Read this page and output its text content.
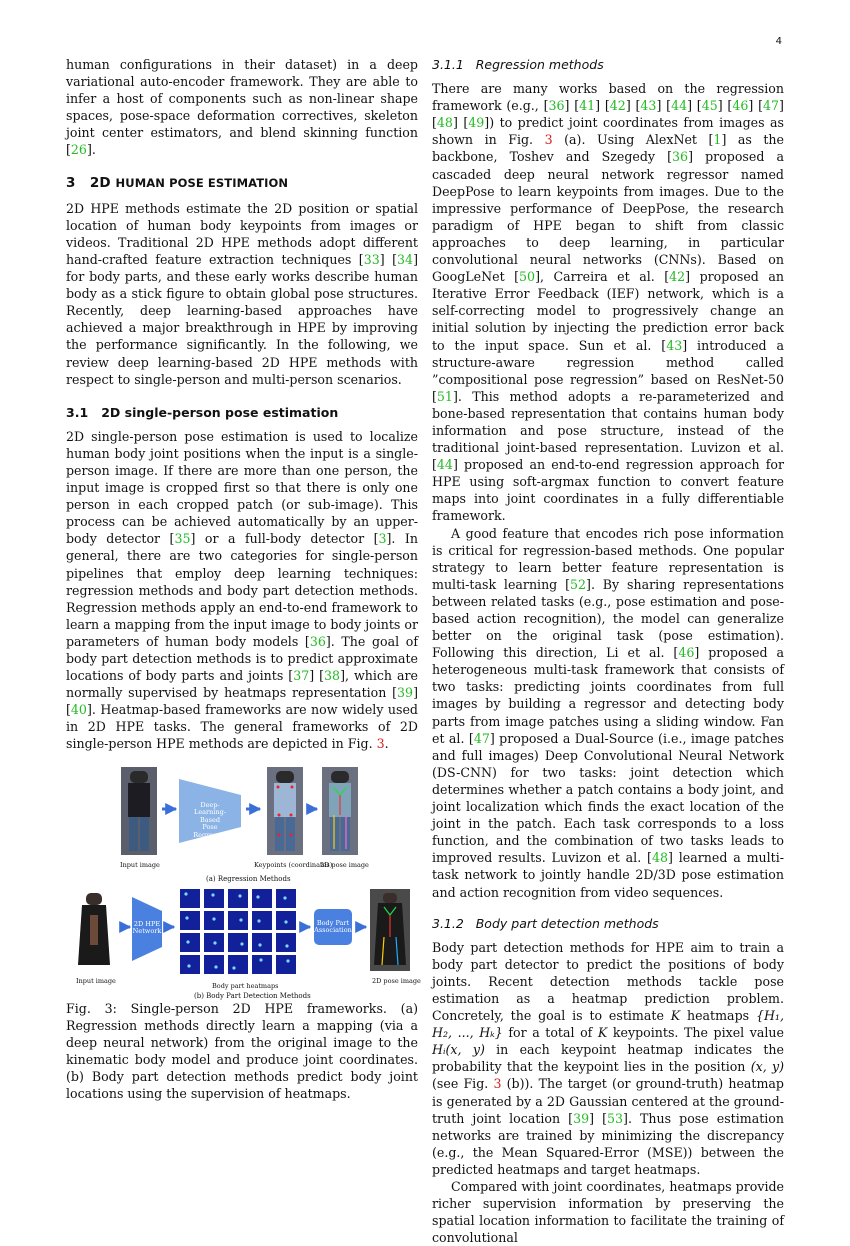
4

human configurations in their dataset) in a deep variational auto-encoder framework. They are able to infer a host of components such as non-linear shape spaces, pose-space deformation correctives, skeleton joint center estimators, and blend skinning function [26].

3 2D HUMAN POSE ESTIMATION

2D HPE methods estimate the 2D position or spatial location of human body keypoints from images or videos. Traditional 2D HPE methods adopt different hand-crafted feature extraction techniques [33] [34] for body parts, and these early works describe human body as a stick figure to obtain global pose structures. Recently, deep learning-based approaches have achieved a major breakthrough in HPE by improving the performance significantly. In the following, we review deep learning-based 2D HPE methods with respect to single-person and multi-person scenarios.

3.1 2D single-person pose estimation

2D single-person pose estimation is used to localize human body joint positions when the input is a single-person image. If there are more than one person, the input image is cropped first so that there is only one person in each cropped patch (or sub-image). This process can be achieved automatically by an upper-body detector [35] or a full-body detector [3]. In general, there are two categories for single-person pipelines that employ deep learning techniques: regression methods and body part detection methods. Regression methods apply an end-to-end framework to learn a mapping from the input image to body joints or parameters of human body models [36]. The goal of body part detection methods is to predict approximate locations of body parts and joints [37] [38], which are normally supervised by heatmaps representation [39] [40]. Heatmap-based frameworks are now widely used in 2D HPE tasks. The general frameworks of 2D single-person HPE methods are depicted in Fig. 3.

Deep-Learning-Based
Pose Regressor
Input image	Keypoints (coordinates)
2D pose image
(a) Regression Methods
2D HPE
Network
Body Part
Association
Input image
Body part heatmaps
2D pose image
(b) Body Part Detection Methods

Fig. 3: Single-person 2D HPE frameworks. (a) Regression methods directly learn a mapping (via a deep neural network) from the original image to the kinematic body model and produce joint coordinates. (b) Body part detection methods predict body joint locations using the supervision of heatmaps.

3.1.1 Regression methods

There are many works based on the regression framework (e.g., [36] [41] [42] [43] [44] [45] [46] [47] [48] [49]) to predict joint coordinates from images as shown in Fig. 3 (a). Using AlexNet [1] as the backbone, Toshev and Szegedy [36] proposed a cascaded deep neural network regressor named DeepPose to learn keypoints from images. Due to the impressive performance of DeepPose, the research paradigm of HPE began to shift from classic approaches to deep learning, in particular convolutional neural networks (CNNs). Based on GoogLeNet [50], Carreira et al. [42] proposed an Iterative Error Feedback (IEF) network, which is a self-correcting model to progressively change an initial solution by injecting the prediction error back to the input space. Sun et al. [43] introduced a structure-aware regression method called ”compositional pose regression” based on ResNet-50 [51]. This method adopts a re-parameterized and bone-based representation that contains human body information and pose structure, instead of the traditional joint-based representation. Luvizon et al. [44] proposed an end-to-end regression approach for HPE using soft-argmax function to convert feature maps into joint coordinates in a fully differentiable framework.

A good feature that encodes rich pose information is critical for regression-based methods. One popular strategy to learn better feature representation is multi-task learning [52]. By sharing representations between related tasks (e.g., pose estimation and pose-based action recognition), the model can generalize better on the original task (pose estimation). Following this direction, Li et al. [46] proposed a heterogeneous multi-task framework that consists of two tasks: predicting joints coordinates from full images by building a regressor and detecting body parts from image patches using a sliding window. Fan et al. [47] proposed a Dual-Source (i.e., image patches and full images) Deep Convolutional Neural Network (DS-CNN) for two tasks: joint detection which determines whether a patch contains a body joint, and joint localization which finds the exact location of the joint in the patch. Each task corresponds to a loss function, and the combination of two tasks leads to improved results. Luvizon et al. [48] learned a multi-task network to jointly handle 2D/3D pose estimation and action recognition from video sequences.

3.1.2 Body part detection methods

Body part detection methods for HPE aim to train a body part detector to predict the positions of body joints. Recent detection methods tackle pose estimation as a heatmap prediction problem. Concretely, the goal is to estimate K heatmaps {H₁, H₂, ..., Hₖ} for a total of K keypoints. The pixel value Hᵢ(x, y) in each keypoint heatmap indicates the probability that the keypoint lies in the position (x, y) (see Fig. 3 (b)). The target (or ground-truth) heatmap is generated by a 2D Gaussian centered at the ground-truth joint location [39] [53]. Thus pose estimation networks are trained by minimizing the discrepancy (e.g., the Mean Squared-Error (MSE)) between the predicted heatmaps and target heatmaps.

Compared with joint coordinates, heatmaps provide richer supervision information by preserving the spatial location information to facilitate the training of convolutional
